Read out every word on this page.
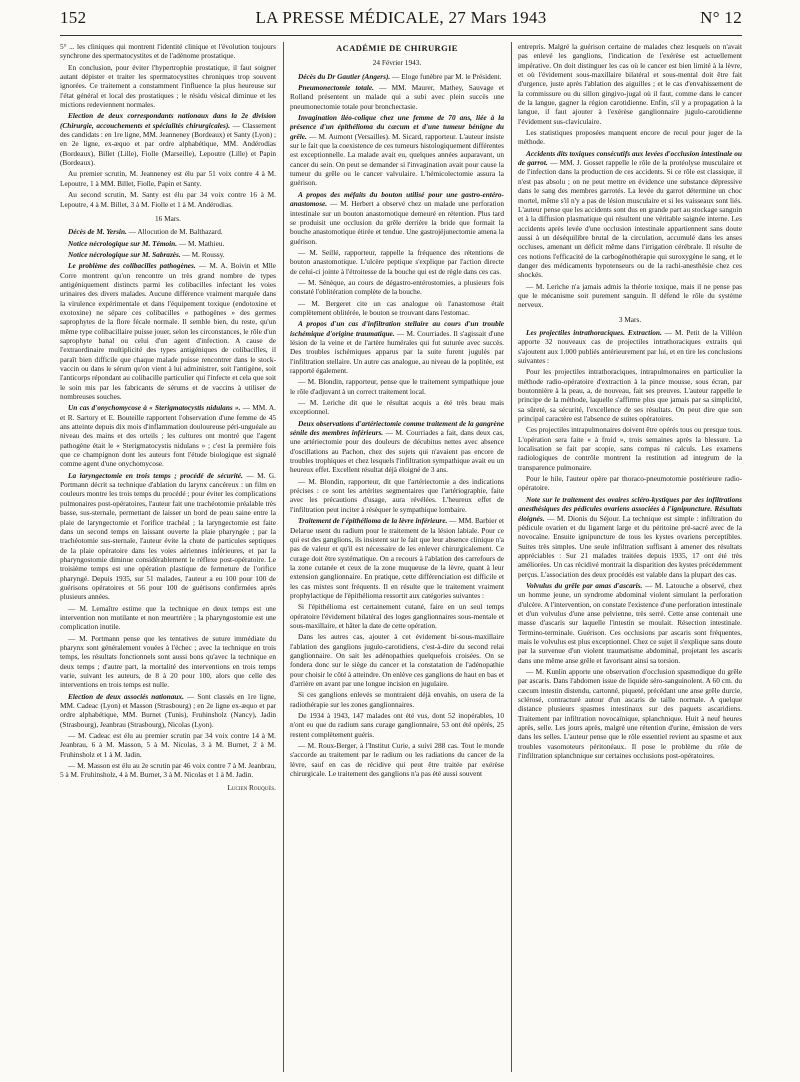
152	LA PRESSE MÉDICALE, 27 Mars 1943	N° 12

5° ... les cliniques qui montrent l'identité clinique et l'évolution toujours synchrone des spermatocystites et de l'adénome prostatique.

En conclusion, pour éviter l'hypertrophie prostatique, il faut soigner autant dépister et traiter les spermatocystites chroniques trop souvent ignorées. Ce traitement a constamment l'influence la plus heureuse sur l'état général et local des prostatiques ; le résidu vésical diminue et les mictions redeviennent normales.

Election de deux correspondants nationaux dans la 2e division (Chirurgie, accouchements et spécialités chirurgicales). — Classement des candidats : en 1re ligne, MM. Jeanneney (Bordeaux) et Santy (Lyon) ; en 2e ligne, ex-æquo et par ordre alphabétique, MM. Andérodias (Bordeaux), Billet (Lille), Fiolle (Marseille), Lepoutre (Lille) et Papin (Bordeaux).

Au premier scrutin, M. Jeanneney est élu par 51 voix contre 4 à M. Lepoutre, 1 à MM. Billet, Fiolle, Papin et Santy.

Au second scrutin, M. Santy est élu par 34 voix contre 16 à M. Lepoutre, 4 à M. Billet, 3 à M. Fiolle et 1 à M. Andérodias.

16 Mars.

Décès de M. Yersin. — Allocution de M. Balthazard.

Notice nécrologique sur M. Témoin. — M. Mathieu.

Notice nécrologique sur M. Sabrazès. — M. Roussy.

Le problème des colibacilles pathogènes. — M. A. Boivin et Mlle Corre montrent qu'on rencontre un très grand nombre de types antigéniquement distincts parmi les colibacilles infectant les voies urinaires des divers malades. Aucune différence vraiment marquée dans la virulence expérimentale et dans l'équipement toxique (endotoxine et exotoxine) ne sépare ces colibacilles « pathogènes » des germes saprophytes de la flore fécale normale. Il semble bien, du reste, qu'un même type colibacillaire puisse jouer, selon les circonstances, le rôle d'un saprophyte banal ou celui d'un agent d'infection. A cause de l'extraordinaire multiplicité des types antigéniques de colibacilles, il paraît bien difficile que chaque malade puisse rencontrer dans le stock-vaccin ou dans le sérum qu'on vient à lui administrer, soit l'antigène, soit l'anticorps répondant au colibacille particulier qui l'infecte et cela que soit le soin mis par les fabricants de sérums et de vaccins à utiliser de nombreuses souches.

Un cas d'onychomycose à « Sterigmatocystis nidulans ». — MM. A. et R. Sartory et E. Bouteille rapportent l'observation d'une femme de 45 ans atteinte depuis dix mois d'inflammation douloureuse péri-unguéale au niveau des mains et des orteils ; les cultures ont montré que l'agent pathogène était le « Sterigmatocystis nidulans » ; c'est la première fois que ce champignon dont les auteurs font l'étude biologique est signalé comme agent d'une onychomycose.

La laryngectomie en trois temps ; procédé de sécurité. — M. G. Portmann décrit sa technique d'ablation du larynx cancéreux : un film en couleurs montre les trois temps du procédé ; pour éviter les complications pulmonaires post-opératoires, l'auteur fait une trachéotomie préalable très basse, sus-sternale, permettant de laisser un bord de peau saine entre la plaie de laryngectomie et l'orifice trachéal ; la laryngectomie est faite dans un second temps en laissant ouverte la plaie pharyngée ; par la trachéotomie sus-sternale, l'auteur évite la chute de particules septiques de la plaie opératoire dans les voies aériennes inférieures, et par la pharyngostomie diminue considérablement le réflexe post-opératoire. Le troisième temps est une opération plastique de fermeture de l'orifice pharyngé. Depuis 1935, sur 51 malades, l'auteur a eu 100 pour 100 de guérisons opératoires et 56 pour 100 de guérisons confirmées après plusieurs années.

— M. Lemaître estime que la technique en deux temps est une intervention non mutilante et non meurtrière ; la pharyngostomie est une complication inutile.

— M. Portmann pense que les tentatives de suture immédiate du pharynx sont généralement vouées à l'échec ; avec la technique en trois temps, les résultats fonctionnels sont aussi bons qu'avec la technique en deux temps ; d'autre part, la mortalité des interventions en trois temps varie, suivant les auteurs, de 8 à 20 pour 100, alors que celle des interventions en trois temps est nulle.

Election de deux associés nationaux. — Sont classés en 1re ligne, MM. Cadeac (Lyon) et Masson (Strasbourg) ; en 2e ligne ex-æquo et par ordre alphabétique, MM. Burnet (Tunis), Fruhinsholz (Nancy), Jadin (Strasbourg), Jeanbrau (Strasbourg), Nicolas (Lyon).

— M. Cadeac est élu au premier scrutin par 34 voix contre 14 à M. Jeanbrau, 6 à M. Masson, 5 à M. Nicolas, 3 à M. Burnet, 2 à M. Fruhinsholz et 1 à M. Jadin.

— M. Masson est élu au 2e scrutin par 46 voix contre 7 à M. Jeanbrau, 5 à M. Fruhinsholz, 4 à M. Burnet, 3 à M. Nicolas et 1 à M. Jadin.

Lucien Rouquès.

ACADÉMIE DE CHIRURGIE

24 Février 1943.

Décès du Dr Gautier (Angers). — Eloge funèbre par M. le Président.

Pneumonectomie totale. — MM. Maurer, Mathey, Sauvage et Rolland présentent un malade qui a subi avec plein succès une pneumonectomie totale pour bronchectasie.

Invagination iléo-colique chez une femme de 70 ans, liée à la présence d'un épithélioma du cæcum et d'une tumeur bénigne du grêle. — M. Aumont (Versailles). M. Sicard, rapporteur. L'auteur insiste sur le fait que la coexistence de ces tumeurs histologiquement différentes est exceptionnelle. La malade avait eu, quelques années auparavant, un cancer du sein. On peut se demander si l'invagination avait pour cause la tumeur du grêle ou le cancer valvulaire. L'hémicolectomie assura la guérison.

A propos des méfaits du bouton utilisé pour une gastro-entéro-anastomose. — M. Herbert a observé chez un malade une perforation intestinale sur un bouton anastomotique demeuré en rétention. Plus tard se produisit une occlusion du grêle derrière la bride que formait la bouche anastomotique étirée et tendue. Une gastrojéjunectomie amena la guérison.

— M. Seillé, rapporteur, rappelle la fréquence des rétentions de bouton anastomotique. L'ulcère peptique s'explique par l'action directe de celui-ci jointe à l'étroitesse de la bouche qui est de règle dans ces cas.

— M. Sénèque, au cours de dégastro-entérostomies, a plusieurs fois constaté l'oblitération complète de la bouche.

— M. Bergeret cite un cas analogue où l'anastomose était complètement oblitérée, le bouton se trouvant dans l'estomac.

A propos d'un cas d'infiltration stellaire au cours d'un trouble ischémique d'origine traumatique. — M. Courriades. Il s'agissait d'une lésion de la veine et de l'artère humérales qui fut suturée avec succès. Des troubles ischémiques apparus par la suite furent jugulés par l'infiltration stellaire. Un autre cas analogue, au niveau de la poplitée, est rapporté également.

— M. Blondin, rapporteur, pense que le traitement sympathique joue le rôle d'adjuvant à un correct traitement local.

— M. Leriche dit que le résultat acquis a été très beau mais exceptionnel.

Deux observations d'artériectomie comme traitement de la gangrène sénile des membres inférieurs. — M. Courriades a fait, dans deux cas, une artériectomie pour des douleurs de décubitus nettes avec absence d'oscillations au Pachon, chez des sujets qui n'avaient pas encore de troubles trophiques et chez lesquels l'infiltration sympathique avait eu un heureux effet. Excellent résultat déjà éloigné de 3 ans.

— M. Blondin, rapporteur, dit que l'artériectomie a des indications précises : ce sont les artérites segmentaires que l'artériographie, faite avec les précautions d'usage, aura révélées. L'heureux effet de l'infiltration peut inciter à résèquer le sympathique lombaire.

Traitement de l'épithélioma de la lèvre inférieure. — MM. Barbier et Delarue usent du radium pour le traitement de la lésion labiale. Pour ce qui est des ganglions, ils insistent sur le fait que leur absence clinique n'a pas de valeur et qu'il est nécessaire de les enlever chirurgicalement. Ce curage doit être systématique. On a recours à l'ablation des carrefours de la zone cutanée et ceux de la zone muqueuse de la lèvre, quant à leur extension ganglionnaire. En pratique, cette différenciation est difficile et les cas mixtes sont fréquents. Il en résulte que le traitement vraiment prophylactique de l'épithélioma ressortit aux catégories suivantes :

Si l'épithélioma est certainement cutané, faire en un seul temps opératoire l'évidement bilatéral des loges ganglionnaires sous-mentale et sous-maxillaire, et hâter la date de cette opération.

Dans les autres cas, ajouter à cet évidement bi-sous-maxillaire l'ablation des ganglions jugulo-carotidiens, c'est-à-dire du second relai ganglionnaire. On sait les adénopathies quelquefois croisées. On se fondera donc sur le siège du cancer et la constatation de l'adénopathie pour choisir le côté à atteindre. On enlève ces ganglions de haut en bas et d'arrière en avant par une longue incision en jugulaire.

Si ces ganglions enlevés se montraient déjà envahis, on usera de la radiothérapie sur les zones ganglionnaires.

De 1934 à 1943, 147 malades ont été vus, dont 52 inopérables, 10 n'ont eu que du radium sans curage ganglionnaire, 53 ont été opérés, 25 restent complètement guéris.

— M. Roux-Berger, à l'Institut Curie, a suivi 288 cas. Tout le monde s'accorde au traitement par le radium ou les radiations du cancer de la lèvre, sauf en cas de récidive qui peut être traitée par exérèse chirurgicale. Le traitement des ganglions n'a pas été aussi souvent

entrepris. Malgré la guérison certaine de malades chez lesquels on n'avait pas enlevé les ganglions, l'indication de l'exérèse est actuellement impérative. On doit distinguer les cas où le cancer est bien limité à la lèvre, et où l'évidement sous-maxillaire bilatéral et sous-mental doit être fait d'urgence, juste après l'ablation des aiguilles ; et le cas d'envahissement de la commissure ou du sillon gingivo-jugal où il faut, comme dans le cancer de la langue, gagner la région carotidienne. Enfin, s'il y a propagation à la langue, il faut ajouter à l'exérèse ganglionnaire jugulo-carotidienne l'évidement sus-claviculaire.

Les statistiques proposées manquent encore de recul pour juger de la méthode.

Accidents dits toxiques consécutifs aux levées d'occlusion intestinale ou de garrot. — MM. J. Gosset rappelle le rôle de la protéolyse musculaire et de l'infection dans la production de ces accidents. Si ce rôle est classique, il n'est pas absolu ; on ne peut mettre en évidence une substance dépressive dans le sang des membres garrotés. La levée du garrot détermine un choc mortel, même s'il n'y a pas de lésion musculaire et si les vaisseaux sont liés. L'auteur pense que les accidents sont dus en grande part au stockage sanguin et à la diffusion plasmatique qui résultent une véritable saignée interne. Les accidents après levée d'une occlusion intestinale appartiennent sans doute aussi à un déséquilibre brutal de la circulation, accumulé dans les anses occluses, amenant un déficit même dans l'irrigation cérébrale. Il résulte de ces notions l'efficacité de la carbogénothérapie qui suroxygène le sang, et le danger des médicaments hypotenseurs ou de la rachi-anesthésie chez ces shockés.

— M. Leriche n'a jamais admis la théorie toxique, mais il ne pense pas que le mécanisme soit purement sanguin. Il défend le rôle du système nerveux.

3 Mars.

Les projectiles intrathoraciques. Extraction. — M. Petit de la Villéon apporte 32 nouveaux cas de projectiles intrathoraciques extraits qui s'ajoutent aux 1.000 publiés antérieurement par lui, et en tire les conclusions suivantes :

Pour les projectiles intrathoraciques, intrapulmonaires en particulier la méthode radio-opératoire d'extraction à la pince mousse, sous écran, par boutonnière à la peau, a, de nouveau, fait ses preuves. L'auteur rappelle le principe de la méthode, laquelle s'affirme plus que jamais par sa simplicité, sa sûreté, sa sécurité, l'excellence de ses résultats. On peut dire que son principal caractère est l'absence de suites opératoires.

Ces projectiles intrapulmonaires doivent être opérés tous ou presque tous. L'opération sera faite « à froid », trois semaines après la blessure. La localisation se fait par scopie, sans compas ni calculs. Les examens radiologiques de contrôle montrent la restitution ad integrum de la transparence pulmonaire.

Pour le hile, l'auteur opère par thoraco-pneumotomie postérieure radio-opératoire.

Note sur le traitement des ovaires scléro-kystiques par des infiltrations anesthésiques des pédicules ovariens associées à l'ignipuncture. Résultats éloignés. — M. Dionis du Séjour. La technique est simple : infiltration du pédicule ovarien et du ligament large et du péritoine pré-sacré avec de la novocaïne. Ensuite ignipuncture de tous les kystes ovariens perceptibles. Suites très simples. Une seule infiltration suffisant à amener des résultats appréciables : Sur 21 malades traitées depuis 1935, 17 ont été très améliorées. Un cas récidivé montrait la disparition des kystes précédemment perçus. L'association des deux procédés est valable dans la plupart des cas.

Volvulus du grêle par amas d'ascaris. — M. Latouche a observé, chez un homme jeune, un syndrome abdominal violent simulant la perforation d'ulcère. A l'intervention, on constate l'existence d'une perforation intestinale et d'un volvulus d'une anse pelvienne, très serré. Cette anse contenait une masse d'ascaris sur laquelle l'intestin se moulait. Résection intestinale. Termino-terminale. Guérison. Ces occlusions par ascaris sont fréquentes, mais le volvulus est plus exceptionnel. Chez ce sujet il s'explique sans doute par la survenue d'un violent traumatisme abdominal, projetant les ascaris dans une même anse grêle et favorisant ainsi sa torsion.

— M. Kunlin apporte une observation d'occlusion spasmodique du grêle par ascaris. Dans l'abdomen issue de liquide séro-sanguinolent. A 60 cm. du cæcum intestin distendu, cartonné, piqueté, précédant une anse grêle durcie, sclérosé, contracturé autour d'un ascaris de taille normale. A quelque distance plusieurs spasmes intestinaux sur des paquets ascaridiens. Traitement par infiltration novocaïnique, splanchnique. Huit à neuf heures après, selle. Les jours après, malgré une rétention d'urine, émission de vers dans les selles. L'auteur pense que le rôle essentiel revient au spasme et aux troubles vasomoteurs péritonéaux. Il pose le problème du rôle de l'infiltration splanchnique sur certaines occlusions post-opératoires.
